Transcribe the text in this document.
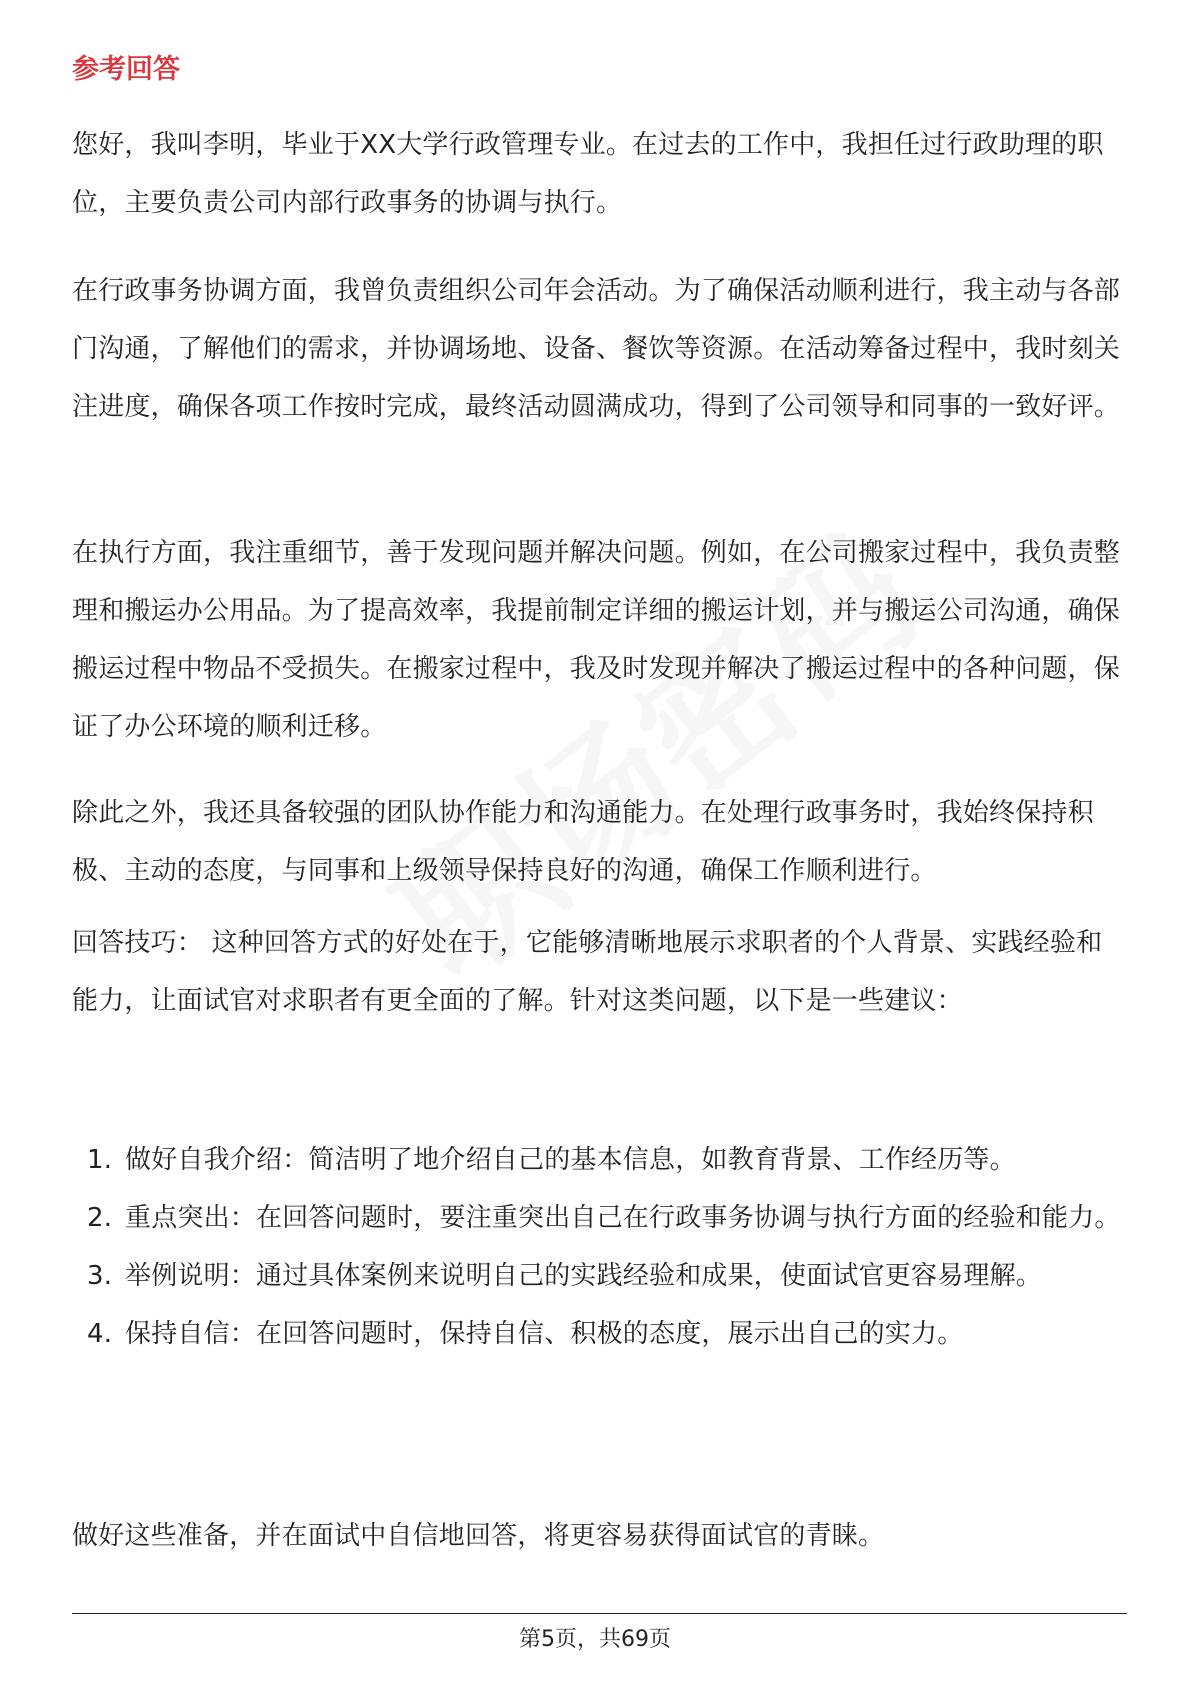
参考回答

您好，我叫李明，毕业于XX大学行政管理专业。在过去的工作中，我担任过行政助理的职位，主要负责公司内部行政事务的协调与执行。

在行政事务协调方面，我曾负责组织公司年会活动。为了确保活动顺利进行，我主动与各部门沟通，了解他们的需求，并协调场地、设备、餐饮等资源。在活动筹备过程中，我时刻关注进度，确保各项工作按时完成，最终活动圆满成功，得到了公司领导和同事的一致好评。

在执行方面，我注重细节，善于发现问题并解决问题。例如，在公司搬家过程中，我负责整理和搬运办公用品。为了提高效率，我提前制定详细的搬运计划，并与搬运公司沟通，确保搬运过程中物品不受损失。在搬家过程中，我及时发现并解决了搬运过程中的各种问题，保证了办公环境的顺利迁移。

除此之外，我还具备较强的团队协作能力和沟通能力。在处理行政事务时，我始终保持积极、主动的态度，与同事和上级领导保持良好的沟通，确保工作顺利进行。

回答技巧： 这种回答方式的好处在于，它能够清晰地展示求职者的个人背景、实践经验和能力，让面试官对求职者有更全面的了解。针对这类问题，以下是一些建议：

1. 做好自我介绍：简洁明了地介绍自己的基本信息，如教育背景、工作经历等。
2. 重点突出：在回答问题时，要注重突出自己在行政事务协调与执行方面的经验和能力。
3. 举例说明：通过具体案例来说明自己的实践经验和成果，使面试官更容易理解。
4. 保持自信：在回答问题时，保持自信、积极的态度，展示出自己的实力。

做好这些准备，并在面试中自信地回答，将更容易获得面试官的青睐。

第5页，共69页
